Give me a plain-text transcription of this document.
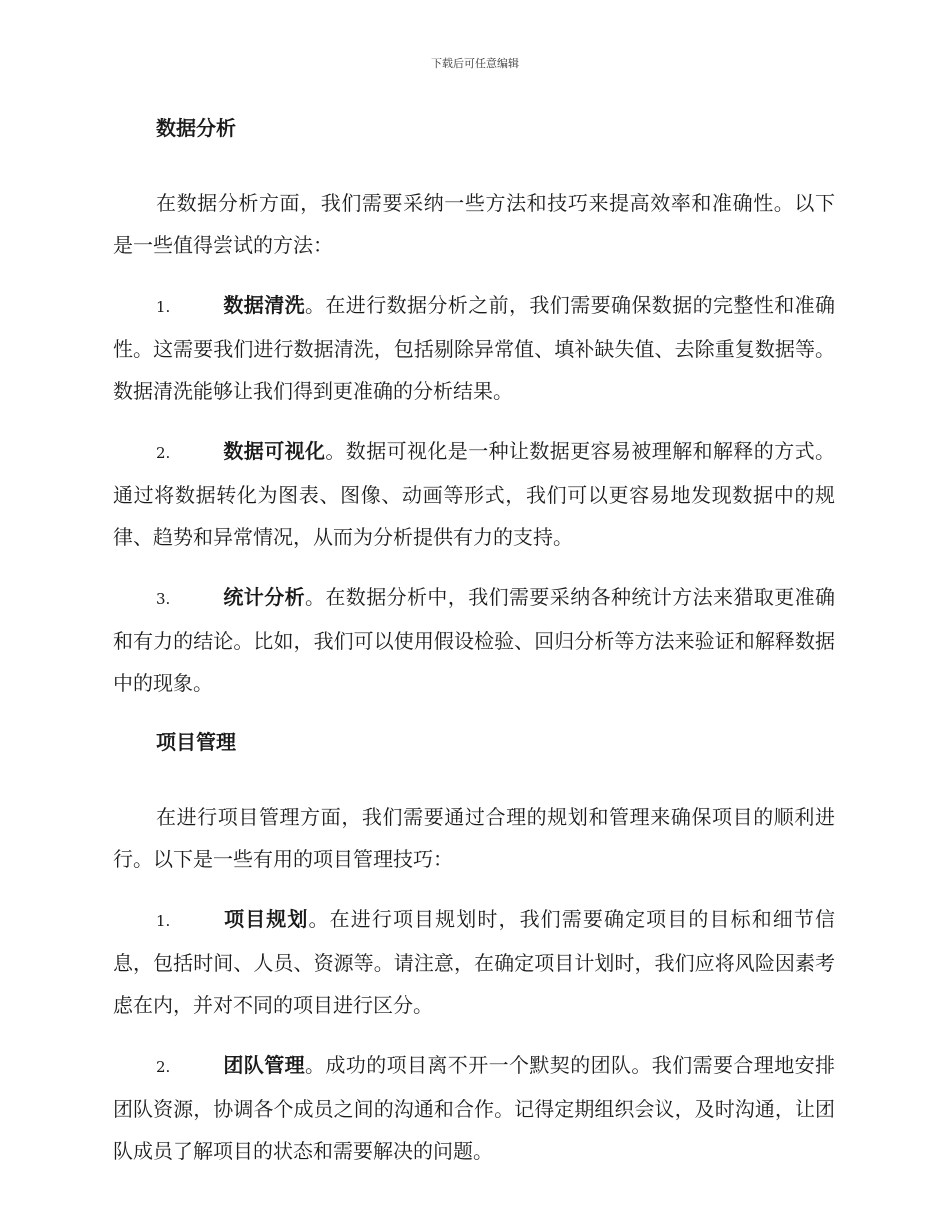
下载后可任意编辑
数据分析

在数据分析方面，我们需要采纳一些方法和技巧来提高效率和准确性。以下是一些值得尝试的方法：

1.	数据清洗。在进行数据分析之前，我们需要确保数据的完整性和准确性。这需要我们进行数据清洗，包括剔除异常值、填补缺失值、去除重复数据等。数据清洗能够让我们得到更准确的分析结果。

2.	数据可视化。数据可视化是一种让数据更容易被理解和解释的方式。通过将数据转化为图表、图像、动画等形式，我们可以更容易地发现数据中的规律、趋势和异常情况，从而为分析提供有力的支持。

3.	统计分析。在数据分析中，我们需要采纳各种统计方法来猎取更准确和有力的结论。比如，我们可以使用假设检验、回归分析等方法来验证和解释数据中的现象。

项目管理

在进行项目管理方面，我们需要通过合理的规划和管理来确保项目的顺利进行。以下是一些有用的项目管理技巧：

1.	项目规划。在进行项目规划时，我们需要确定项目的目标和细节信息，包括时间、人员、资源等。请注意，在确定项目计划时，我们应将风险因素考虑在内，并对不同的项目进行区分。

2.	团队管理。成功的项目离不开一个默契的团队。我们需要合理地安排团队资源，协调各个成员之间的沟通和合作。记得定期组织会议，及时沟通，让团队成员了解项目的状态和需要解决的问题。
